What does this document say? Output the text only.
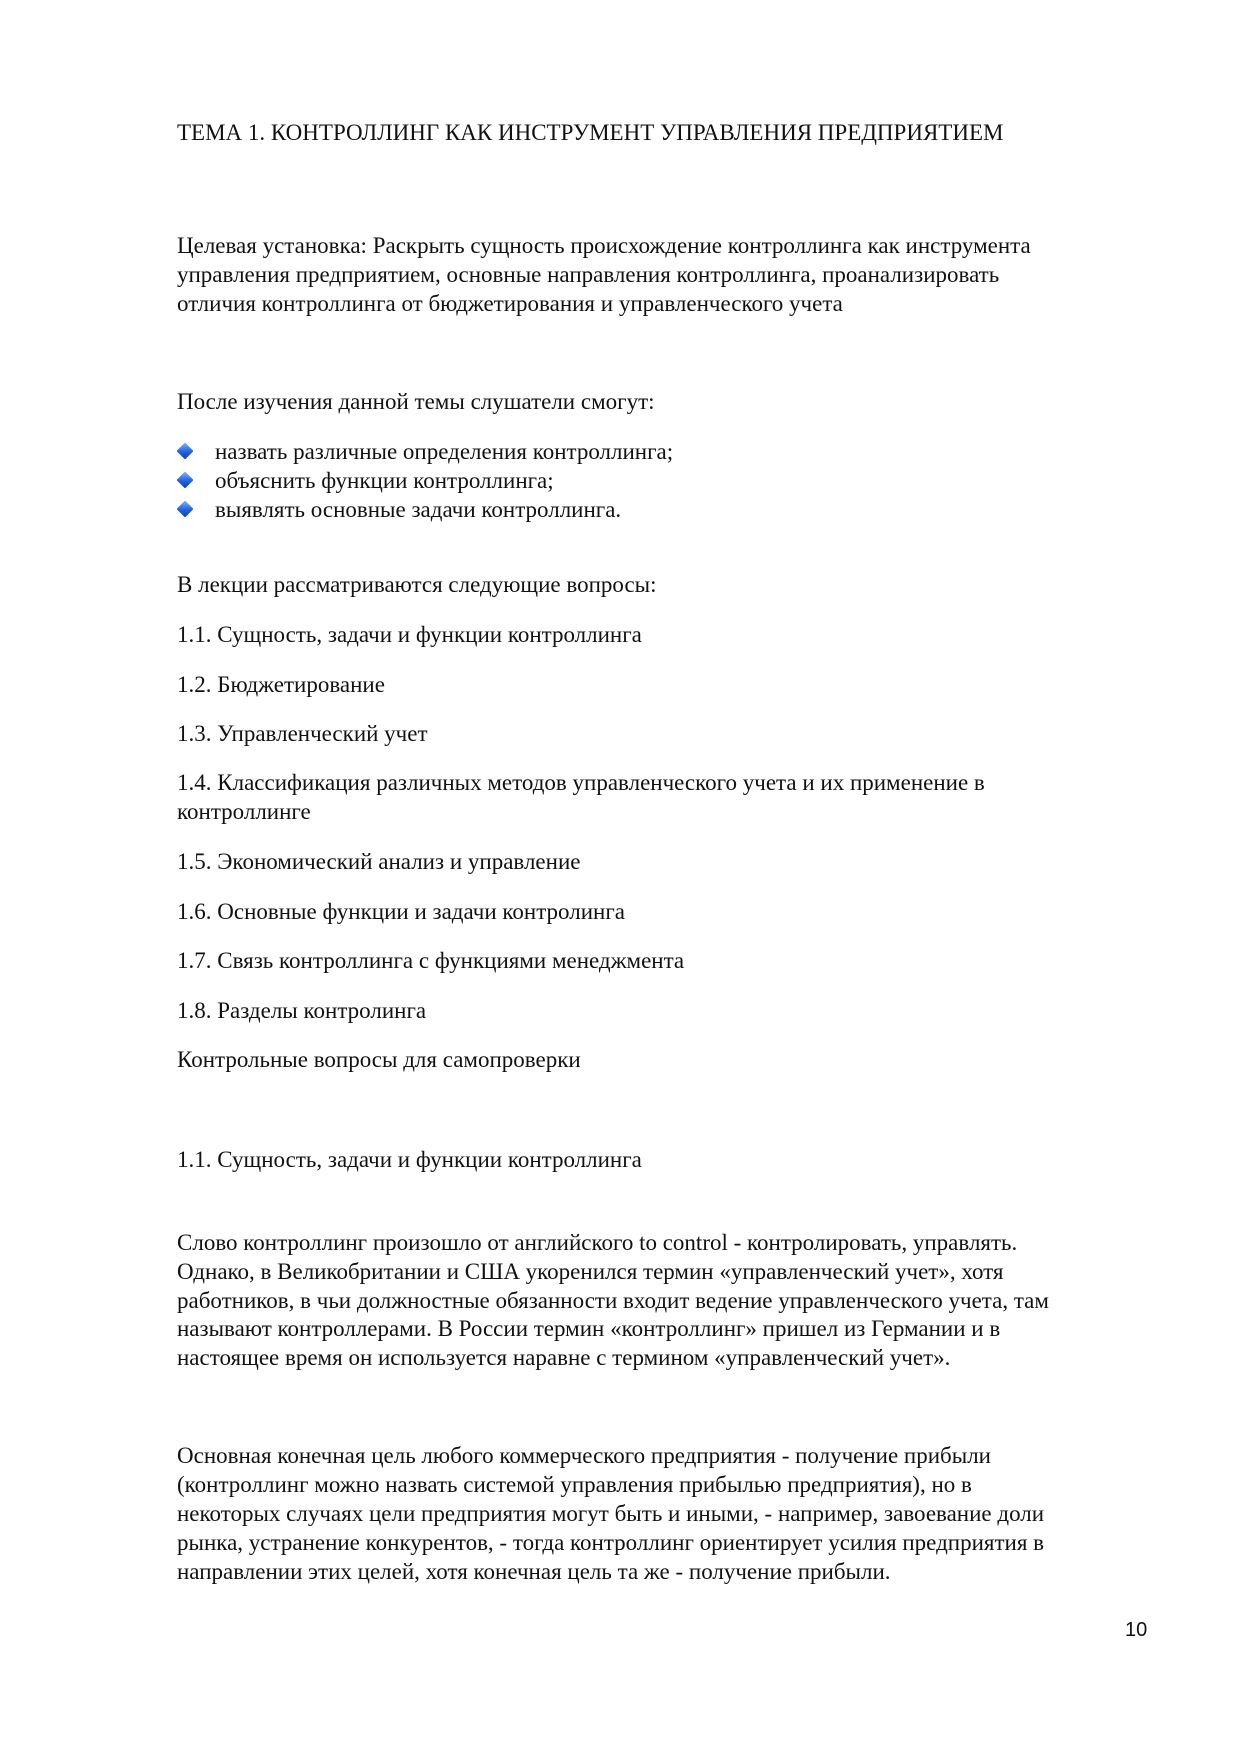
ТЕМА 1. КОНТРОЛЛИНГ КАК ИНСТРУМЕНТ УПРАВЛЕНИЯ ПРЕДПРИЯТИЕМ

Целевая установка: Раскрыть сущность происхождение контроллинга как инструмента

управления предприятием, основные направления контроллинга, проанализировать

отличия контроллинга от бюджетирования и управленческого учета

После изучения данной темы слушатели смогут:

назвать различные определения контроллинга;
объяснить функции контроллинга;
выявлять основные задачи контроллинга.

В лекции рассматриваются следующие вопросы:

1.1. Сущность, задачи и функции контроллинга

1.2. Бюджетирование

1.3. Управленческий учет

1.4. Классификация различных методов управленческого учета и их применение в

контроллинге

1.5. Экономический анализ и управление

1.6. Основные функции и задачи контролинга

1.7. Связь контроллинга с функциями менеджмента

1.8. Разделы контролинга

Контрольные вопросы для самопроверки

1.1. Сущность, задачи и функции контроллинга

Слово контроллинг произошло от английского to control - контролировать, управлять.

Однако, в Великобритании и США укоренился термин «управленческий учет», хотя

работников, в чьи должностные обязанности входит ведение управленческого учета, там

называют контроллерами. В России термин «контроллинг» пришел из Германии и в

настоящее время он используется наравне с термином «управленческий учет».

Основная конечная цель любого коммерческого предприятия - получение прибыли

(контроллинг можно назвать системой управления прибылью предприятия), но в

некоторых случаях цели предприятия могут быть и иными, - например, завоевание доли

рынка, устранение конкурентов, - тогда контроллинг ориентирует усилия предприятия в

направлении этих целей, хотя конечная цель та же - получение прибыли.

10
